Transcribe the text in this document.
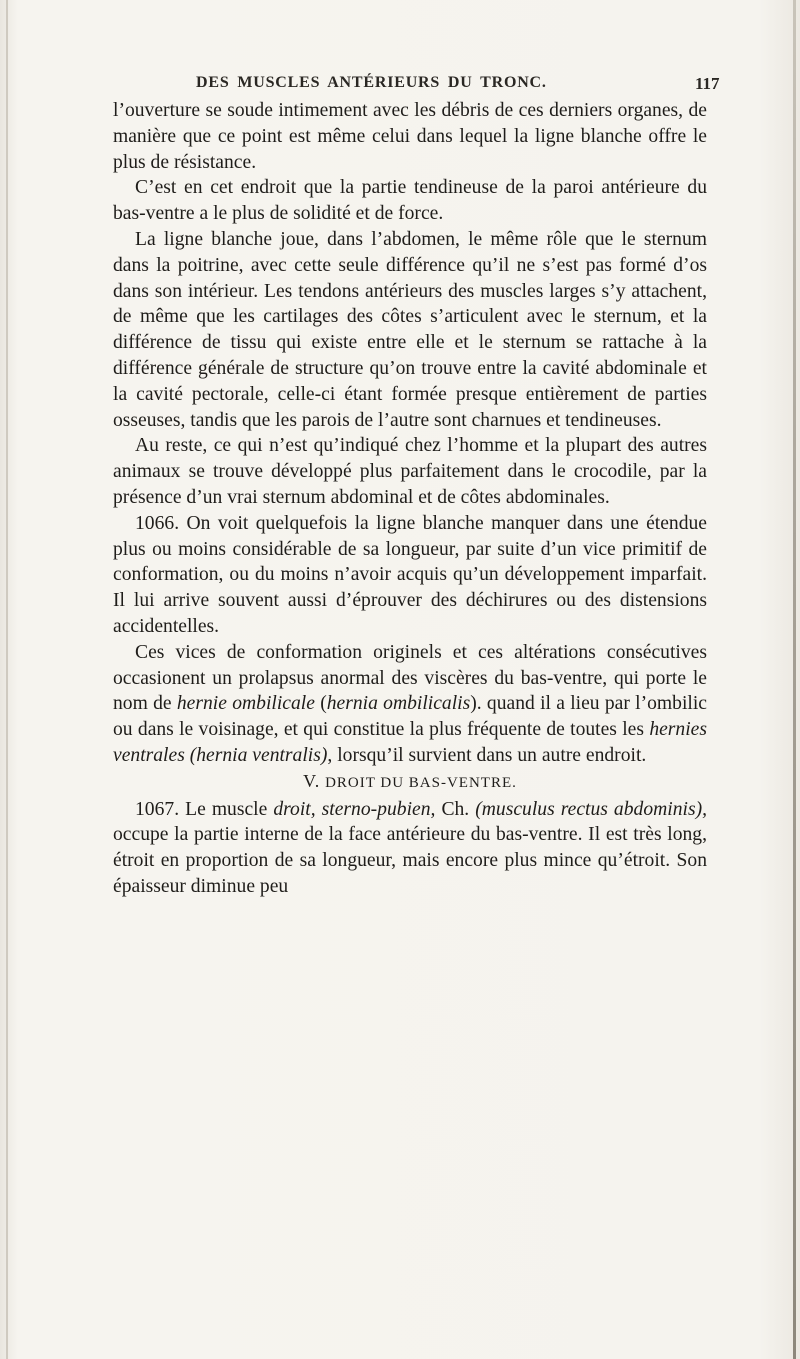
DES MUSCLES ANTÉRIEURS DU TRONC.	117

l’ouverture se soude intimement avec les débris de ces derniers organes, de manière que ce point est même celui dans lequel la ligne blanche offre le plus de résistance.

C’est en cet endroit que la partie tendineuse de la paroi antérieure du bas-ventre a le plus de solidité et de force.

La ligne blanche joue, dans l’abdomen, le même rôle que le sternum dans la poitrine, avec cette seule différence qu’il ne s’est pas formé d’os dans son intérieur. Les tendons antérieurs des muscles larges s’y attachent, de même que les cartilages des côtes s’articulent avec le sternum, et la différence de tissu qui existe entre elle et le sternum se rattache à la différence générale de structure qu’on trouve entre la cavité abdominale et la cavité pectorale, celle-ci étant formée presque entièrement de parties osseuses, tandis que les parois de l’autre sont charnues et tendineuses.

Au reste, ce qui n’est qu’indiqué chez l’homme et la plupart des autres animaux se trouve développé plus parfaitement dans le crocodile, par la présence d’un vrai sternum abdominal et de côtes abdominales.

1066. On voit quelquefois la ligne blanche manquer dans une étendue plus ou moins considérable de sa longueur, par suite d’un vice primitif de conformation, ou du moins n’avoir acquis qu’un développement imparfait. Il lui arrive souvent aussi d’éprouver des déchirures ou des distensions accidentelles.

Ces vices de conformation originels et ces altérations consécutives occasionent un prolapsus anormal des viscères du bas-ventre, qui porte le nom de hernie ombilicale (hernia ombilicalis). quand il a lieu par l’ombilic ou dans le voisinage, et qui constitue la plus fréquente de toutes les hernies ventrales (hernia ventralis), lorsqu’il survient dans un autre endroit.

V. DROIT DU BAS-VENTRE.

1067. Le muscle droit, sterno-pubien, Ch. (musculus rectus abdominis), occupe la partie interne de la face antérieure du bas-ventre. Il est très long, étroit en proportion de sa longueur, mais encore plus mince qu’étroit. Son épaisseur diminue peu
